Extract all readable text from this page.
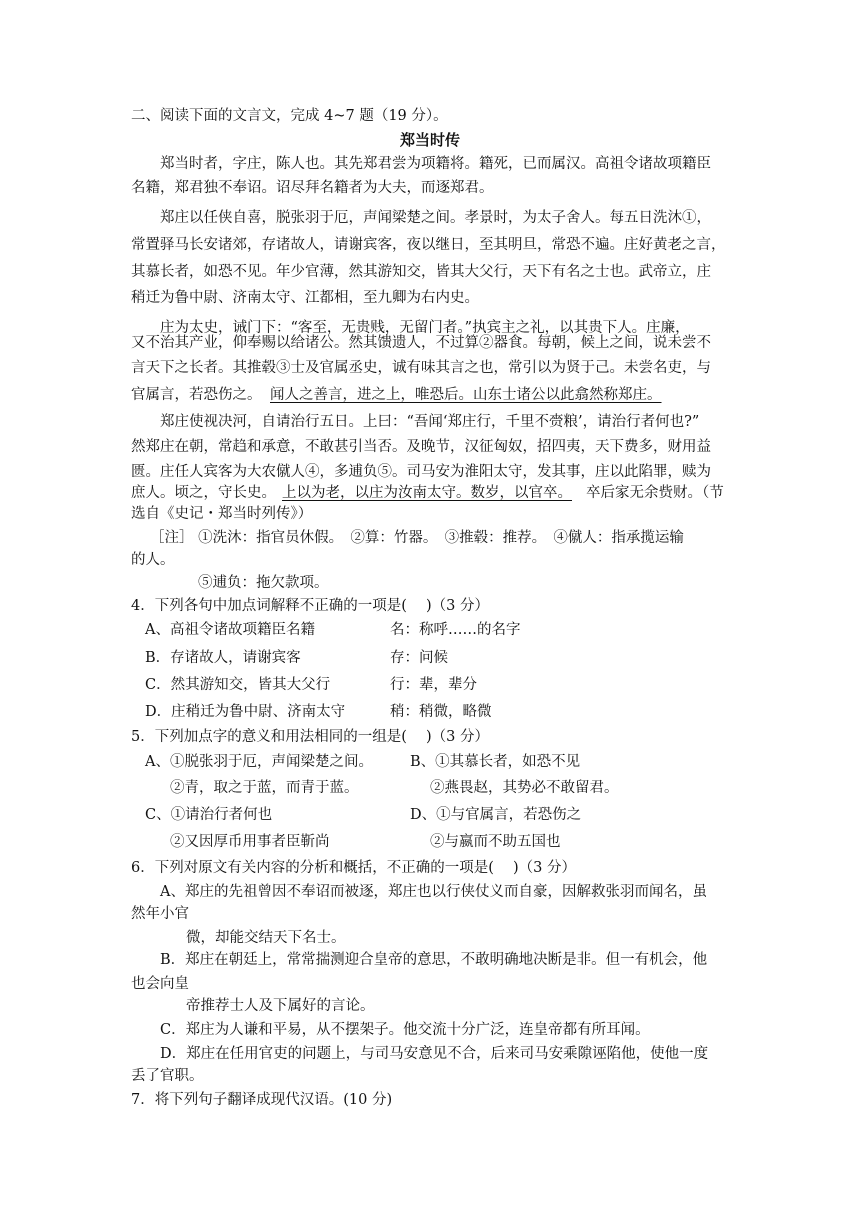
二、阅读下面的文言文，完成 4~7 题（19 分）。
郑当时传
郑当时者，字庄，陈人也。其先郑君尝为项籍将。籍死，已而属汉。高祖令诸故项籍臣
名籍，郑君独不奉诏。诏尽拜名籍者为大夫，而逐郑君。
郑庄以任侠自喜，脱张羽于厄，声闻梁楚之间。孝景时，为太子舍人。每五日洗沐①，
常置驿马长安诸郊，存诸故人，请谢宾客，夜以继日，至其明旦，常恐不遍。庄好黄老之言，
其慕长者，如恐不见。年少官薄，然其游知交，皆其大父行，天下有名之士也。武帝立，庄
稍迁为鲁中尉、济南太守、江都相，至九卿为右内史。
庄为太史，诫门下：“客至，无贵贱，无留门者。”执宾主之礼，以其贵下人。庄廉，
又不治其产业，仰奉赐以给诸公。然其馈遗人，不过算②器食。每朝，候上之间，说未尝不
言天下之长者。其推毂③士及官属丞史，诚有味其言之也，常引以为贤于己。未尝名吏，与
官属言，若恐伤之。 闻人之善言，进之上，唯恐后。山东士诸公以此翕然称郑庄。
郑庄使视决河，自请治行五日。上曰：“吾闻‘郑庄行，千里不赍粮’，请治行者何也?”
然郑庄在朝，常趋和承意，不敢甚引当否。及晚节，汉征匈奴，招四夷，天下费多，财用益
匮。庄任人宾客为大农僦人④，多逋负⑤。司马安为淮阳太守，发其事，庄以此陷罪，赎为
庶人。顷之，守长史。 上以为老，以庄为汝南太守。数岁，以官卒。 卒后家无余赀财。（节
选自《史记・郑当时列传》）
［注］ ①洗沐：指官员休假。　②算：竹器。　③推毂：推荐。　④僦人：指承揽运输
的人。
⑤逋负：拖欠款项。
4．下列各句中加点词解释不正确的一项是(　 )（3 分）
A、高祖令诸故项籍臣名籍	名：称呼……的名字
B．存诸故人，请谢宾客	存：问候
C．然其游知交，皆其大父行	行：辈，辈分
D．庄稍迁为鲁中尉、济南太守	稍：稍微，略微
5．下列加点字的意义和用法相同的一组是(　 )（3 分）
A、①脱张羽于厄，声闻梁楚之间。	B、①其慕长者，如恐不见
②青，取之于蓝，而青于蓝。	②燕畏赵，其势必不敢留君。
C、①请治行者何也	D、①与官属言，若恐伤之
②又因厚币用事者臣靳尚	②与嬴而不助五国也
6．下列对原文有关内容的分析和概括，不正确的一项是(　 )（3 分）
A、郑庄的先祖曾因不奉诏而被逐，郑庄也以行侠仗义而自豪，因解救张羽而闻名，虽
然年小官
微，却能交结天下名士。
B．郑庄在朝廷上，常常揣测迎合皇帝的意思，不敢明确地决断是非。但一有机会，他
也会向皇
帝推荐士人及下属好的言论。
C．郑庄为人谦和平易，从不摆架子。他交流十分广泛，连皇帝都有所耳闻。
D．郑庄在任用官吏的问题上，与司马安意见不合，后来司马安乘隙诬陷他，使他一度
丢了官职。
7．将下列句子翻译成现代汉语。(10 分)
